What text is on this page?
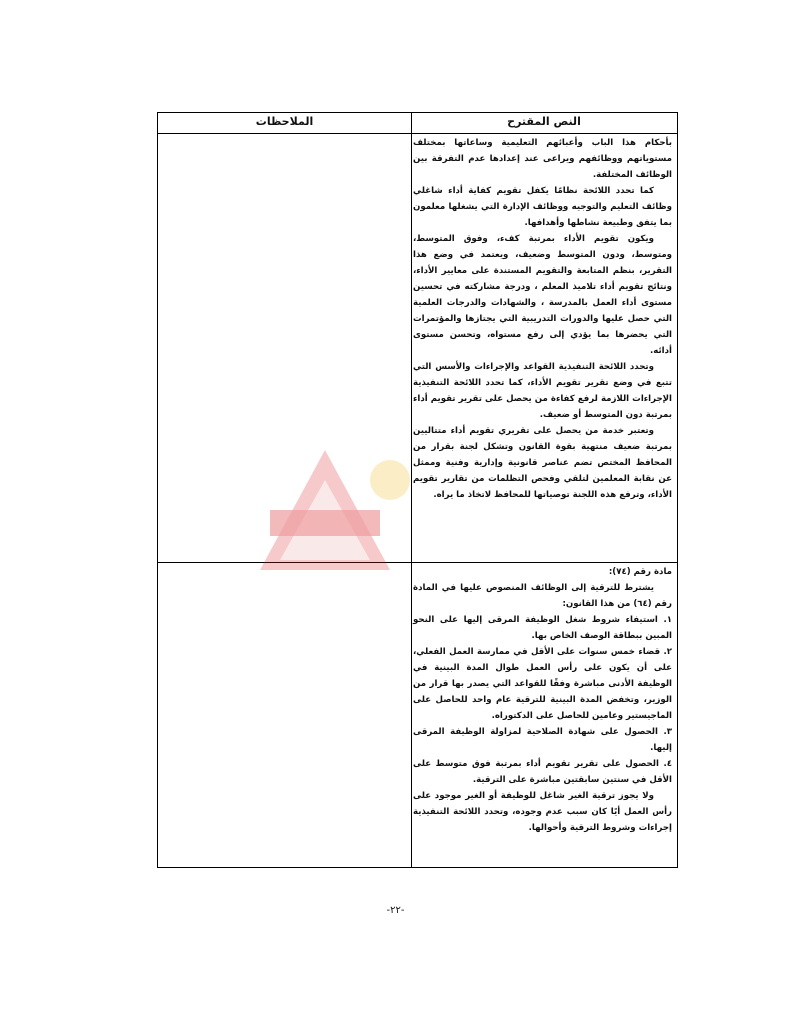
النص المقترح
الملاحظات

بأحكام هذا الباب وأعبائهم التعليمية وساعاتها بمختلف مستوياتهم ووظائفهم ويراعى عند إعدادها عدم التفرقة بين الوظائف المختلفة.

كما تحدد اللائحة نظامًا يكفل تقويم كفاية أداء شاغلي وظائف التعليم والتوجيه ووظائف الإدارة التي يشغلها معلمون بما يتفق وطبيعة نشاطها وأهدافها.

ويكون تقويم الأداء بمرتبة كفء، وفوق المتوسط، ومتوسط، ودون المتوسط وضعيف، ويعتمد في وضع هذا التقرير، بنظم المتابعة والتقويم المستندة على معايير الأداء، ونتائج تقويم أداء تلاميذ المعلم ، ودرجة مشاركته في تحسين مستوى أداء العمل بالمدرسة ، والشهادات والدرجات العلمية التي حصل عليها والدورات التدريبية التي يجتازها والمؤتمرات التي يحضرها بما يؤدي إلى رفع مستواه، وتحسن مستوى أدائه.

وتحدد اللائحة التنفيذية القواعد والإجراءات والأسس التي تتبع في وضع تقرير تقويم الأداء، كما تحدد اللائحة التنفيذية الإجراءات اللازمة لرفع كفاءة من يحصل على تقرير تقويم أداء بمرتبة دون المتوسط أو ضعيف.

وتعتبر خدمة من يحصل على تقريري تقويم أداء متتاليين بمرتبة ضعيف منتهية بقوة القانون وتشكل لجنة بقرار من المحافظ المختص تضم عناصر قانونية وإدارية وفنية وممثل عن نقابة المعلمين لتلقي وفحص التظلمات من تقارير تقويم الأداء، وترفع هذه اللجنة توصياتها للمحافظ لاتخاذ ما يراه.

مادة رقم (٧٤):

يشترط للترقية إلى الوظائف المنصوص عليها في المادة رقم (٦٤) من هذا القانون:

١. استيفاء شروط شغل الوظيفة المرقى إليها على النحو المبين ببطاقة الوصف الخاص بها.

٢. قضاء خمس سنوات على الأقل في ممارسة العمل الفعلي، على أن يكون على رأس العمل طوال المدة البينية في الوظيفة الأدنى مباشرة وفقًا للقواعد التي يصدر بها قرار من الوزير، وتخفض المدة البينية للترقية عام واحد للحاصل على الماجيستير وعامين للحاصل على الدكتوراه.

٣. الحصول على شهادة الصلاحية لمزاولة الوظيفة المرقى إليها.

٤. الحصول على تقرير تقويم أداء بمرتبة فوق متوسط على الأقل في سنتين سابقتين مباشرة على الترقية.

ولا يجوز ترقية الغير شاغل للوظيفة أو الغير موجود على رأس العمل أيًا كان سبب عدم وجوده، وتحدد اللائحة التنفيذية إجراءات وشروط الترقية وأحوالها.

-٢٢-
